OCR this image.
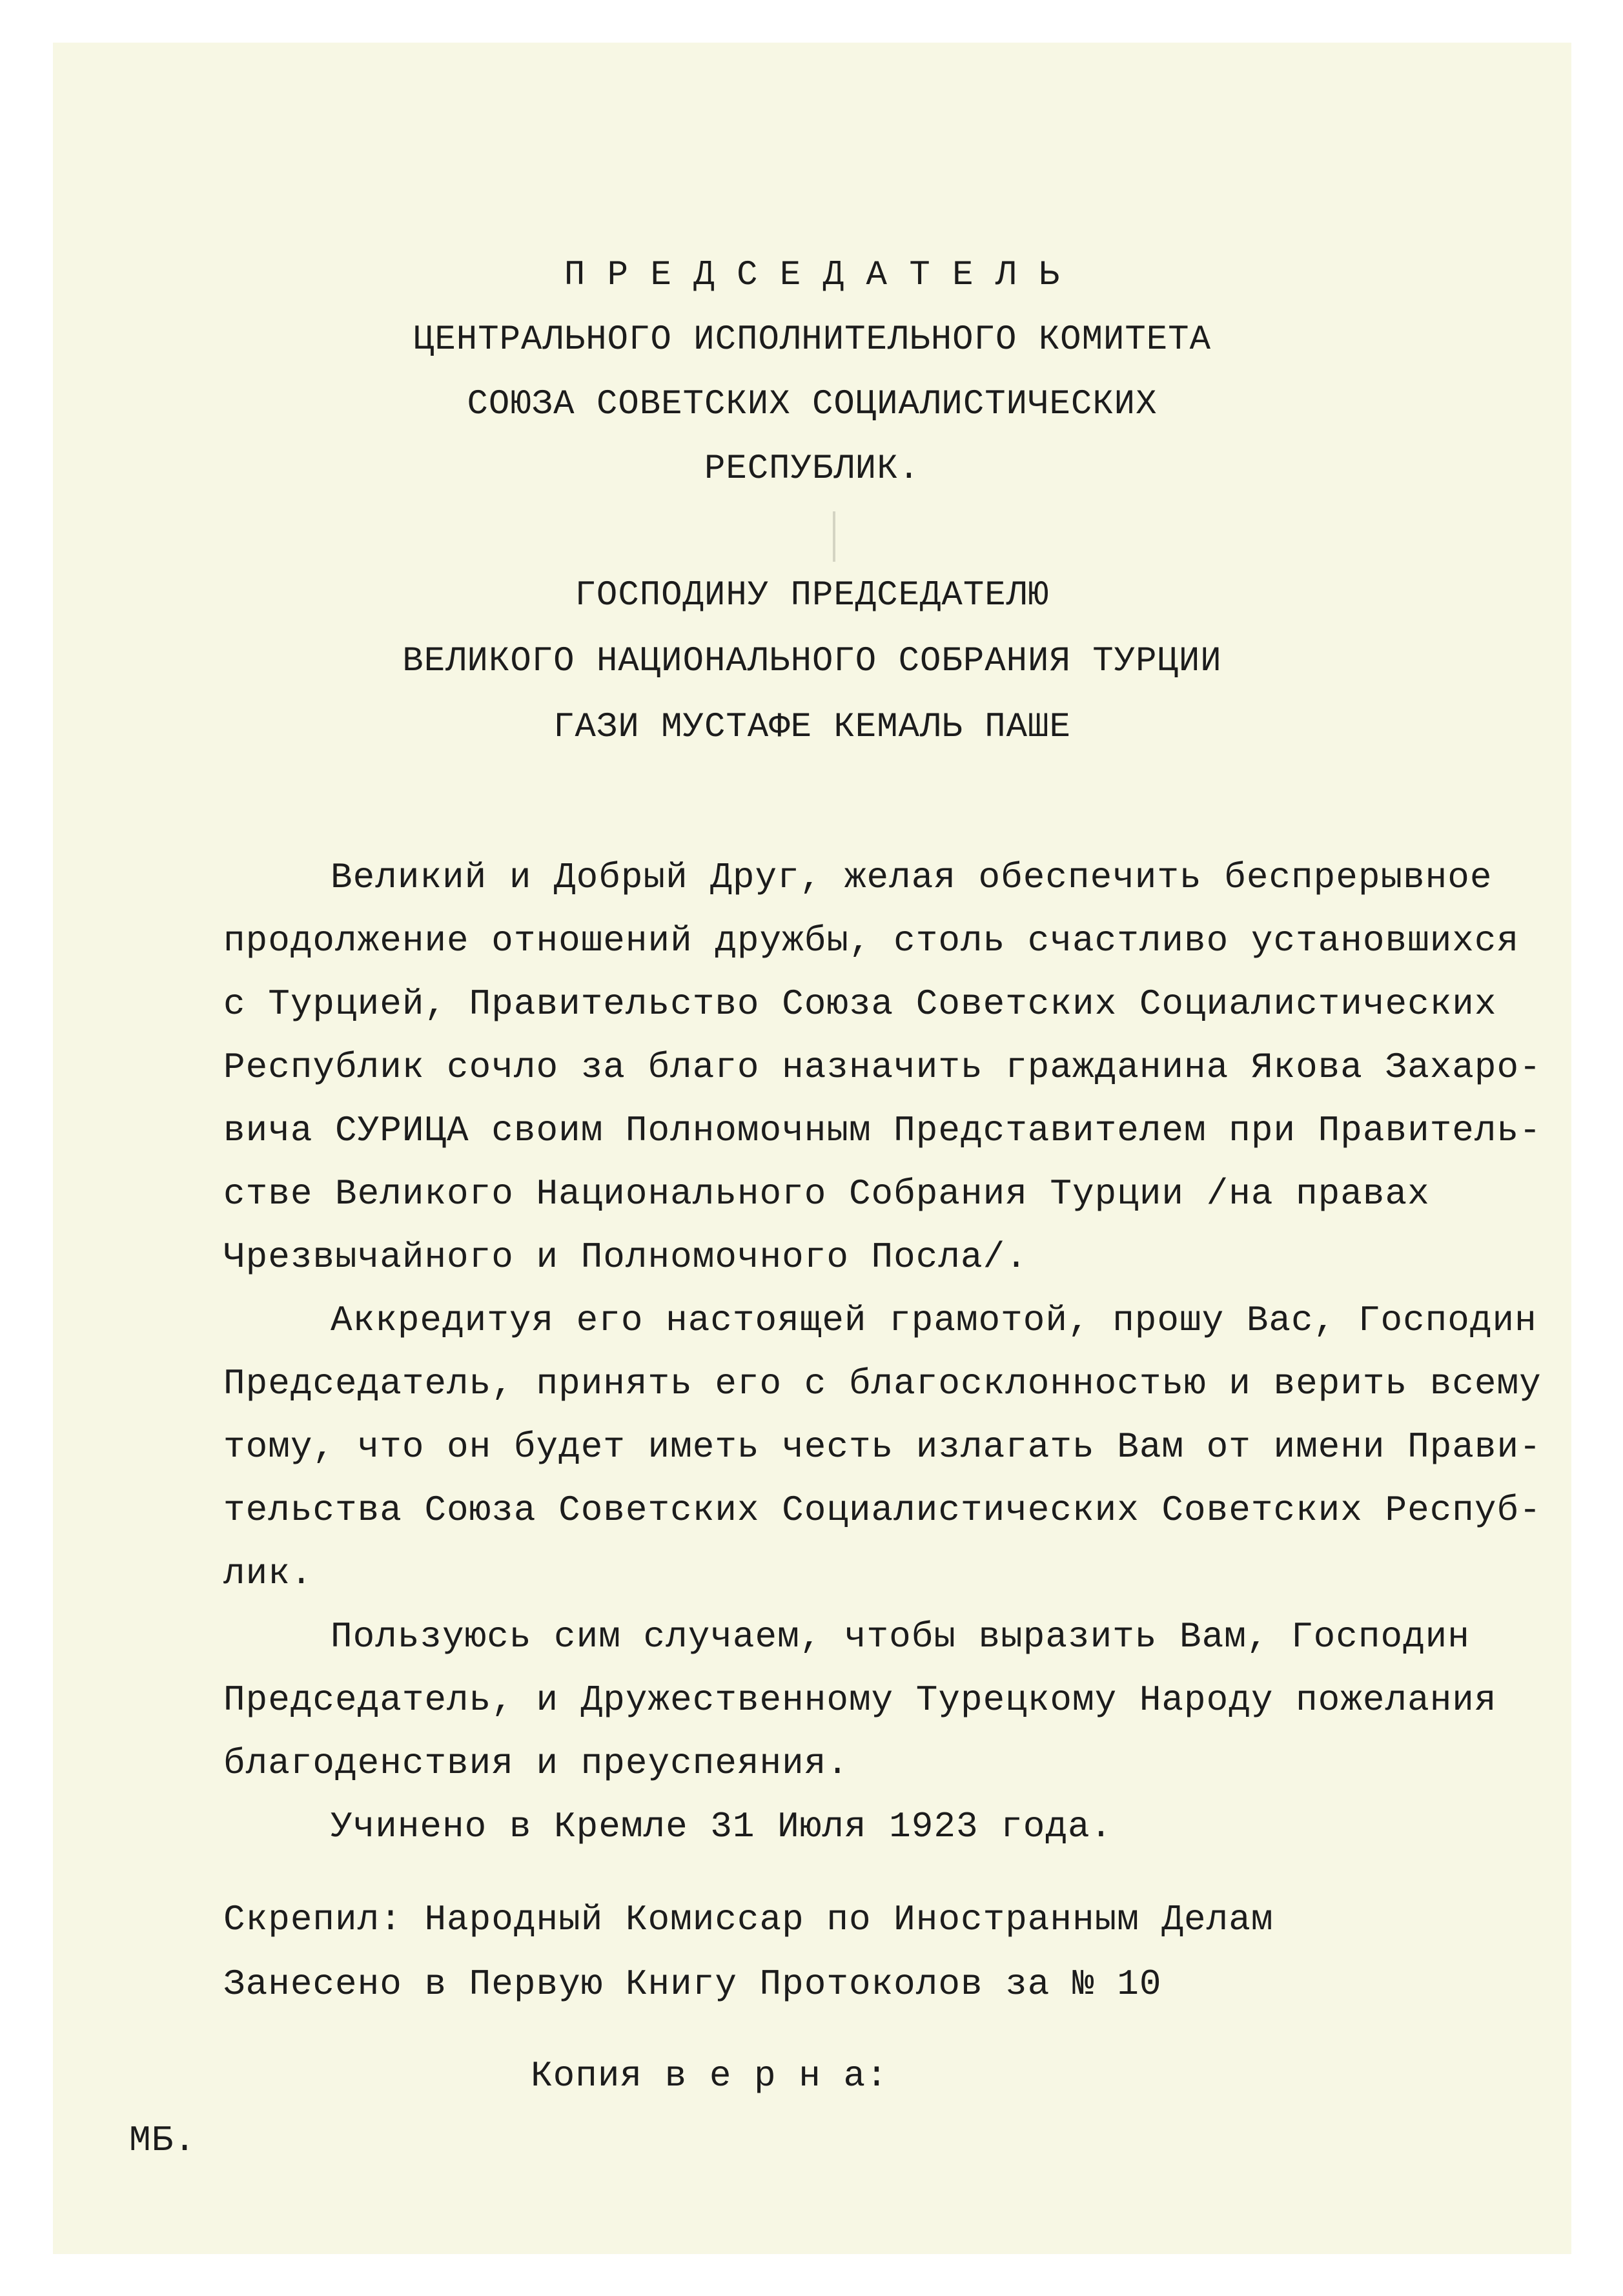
П Р Е Д С Е Д А Т Е Л Ь
ЦЕНТРАЛЬНОГО ИСПОЛНИТЕЛЬНОГО КОМИТЕТА
СОЮЗА СОВЕТСКИХ СОЦИАЛИСТИЧЕСКИХ
РЕСПУБЛИК.
ГОСПОДИНУ ПРЕДСЕДАТЕЛЮ
ВЕЛИКОГО НАЦИОНАЛЬНОГО СОБРАНИЯ ТУРЦИИ
ГАЗИ МУСТАФЕ КЕМАЛЬ ПАШЕ
Великий и Добрый Друг, желая обеспечить беспрерывное
продолжение отношений дружбы, столь счастливо установшихся
с Турцией, Правительство Союза Советских Социалистических
Республик сочло за благо назначить гражданина Якова Захаро-
вича СУРИЦА своим Полномочным Представителем при Правитель-
стве Великого Национального Собрания Турции /на правах
Чрезвычайного и Полномочного Посла/.
Аккредитуя его настоящей грамотой, прошу Вас, Господин
Председатель, принять его с благосклонностью и верить всему
тому, что он будет иметь честь излагать Вам от имени Прави-
тельства Союза Советских Социалистических Советских Респуб-
лик.
Пользуюсь сим случаем, чтобы выразить Вам, Господин
Председатель, и Дружественному Турецкому Народу пожелания
благоденствия и преуспеяния.
Учинено в Кремле 31 Июля 1923 года.
Скрепил: Народный Комиссар по Иностранным Делам
Занесено в Первую Книгу Протоколов за № 10
Копия в е р н а:
МБ.
